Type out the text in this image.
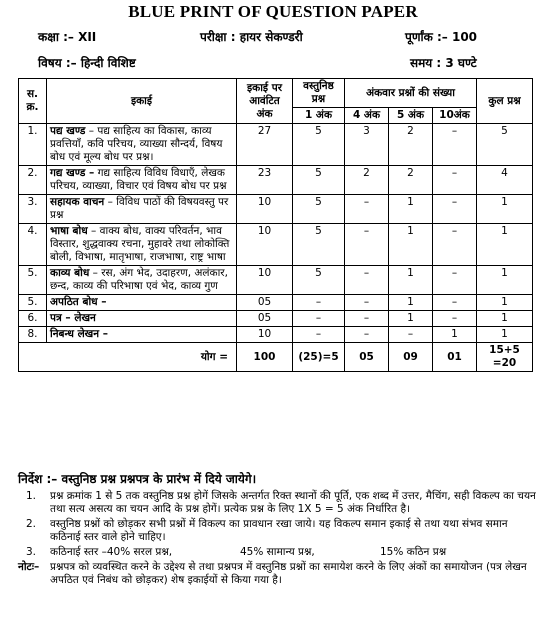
BLUE PRINT OF QUESTION PAPER
कक्षा :– XII	परीक्षा : हायर सेकण्डरी	पूर्णांक :– 100
विषय :– हिन्दी विशिष्ट	समय : 3 घण्टे
स. क्र.	इकाई	इकाई पर आवंटित अंक	वस्तुनिष्ठ प्रश्न	अंकवार प्रश्नों की संख्या			कुल प्रश्न
			1 अंक	4 अंक	5 अंक	10अंक	
1.	पद्य खण्ड – पद्य साहित्य का विकास, काव्य प्रवत्तियाँ, कवि परिचय, व्याख्या सौन्दर्य, विषय बोध एवं मूल्य बोध पर प्रश्न।	27	5	3	2	–	5
2.	गद्य खण्ड – गद्य साहित्य विविध विधाएँ, लेखक परिचय, व्याख्या, विचार एवं विषय बोध पर प्रश्न	23	5	2	2	–	4
3.	सहायक वाचन – विविध पाठों की विषयवस्तु पर प्रश्न	10	5	–	1	–	1
4.	भाषा बोध – वाक्य बोध, वाक्य परिवर्तन, भाव विस्तार, शुद्धवाक्य रचना, मुहावरे तथा लोकोक्ति बोली, विभाषा, मातृभाषा, राजभाषा, राष्ट्र भाषा	10	5	–	1	–	1
5.	काव्य बोध – रस, अंग भेद, उदाहरण, अलंकार, छन्द, काव्य की परिभाषा एवं भेद, काव्य गुण	10	5	–	1	–	1
5.	अपठित बोध –	05	–	–	1	–	1
6.	पत्र – लेखन	05	–	–	1	–	1
8.	निबन्ध लेखन –	10	–	–	–	1	1
योग =		100	(25)=5	05	09	01	15+5
=20
निर्देश :– वस्तुनिष्ठ प्रश्न प्रश्नपत्र के प्रारंभ में दिये जायेगे।
1.	प्रश्न क्रमांक 1 से 5 तक वस्तुनिष्ठ प्रश्न होगें जिसके अन्तर्गत रिक्त स्थानों की पूर्ति, एक शब्द में उत्तर, मैचिंग, सही विकल्प का चयन तथा सत्य असत्य का चयन आदि के प्रश्न होगें। प्रत्येक प्रश्न के लिए 1X 5 = 5 अंक निर्धारित है।
2.	वस्तुनिष्ठ प्रश्नों को छोड़कर सभी प्रश्नों में विकल्प का प्रावधान रखा जाये। यह विकल्प समान इकाई से तथा यथा संभव समान कठिनाई स्तर वाले होने चाहिए।
3.	कठिनाई स्तर –40% सरल प्रश्न,	45% सामान्य प्रश्न,	15% कठिन प्रश्न
नोटः–	प्रश्नपत्र को व्यवस्थित करने के उद्देश्य से तथा प्रश्नपत्र में वस्तुनिष्ठ प्रश्नों का समायेश करने के लिए अंकों का समायोजन (पत्र लेखन अपठित एवं निबंध को छोड़कर) शेष इकाईयों से किया गया है।
